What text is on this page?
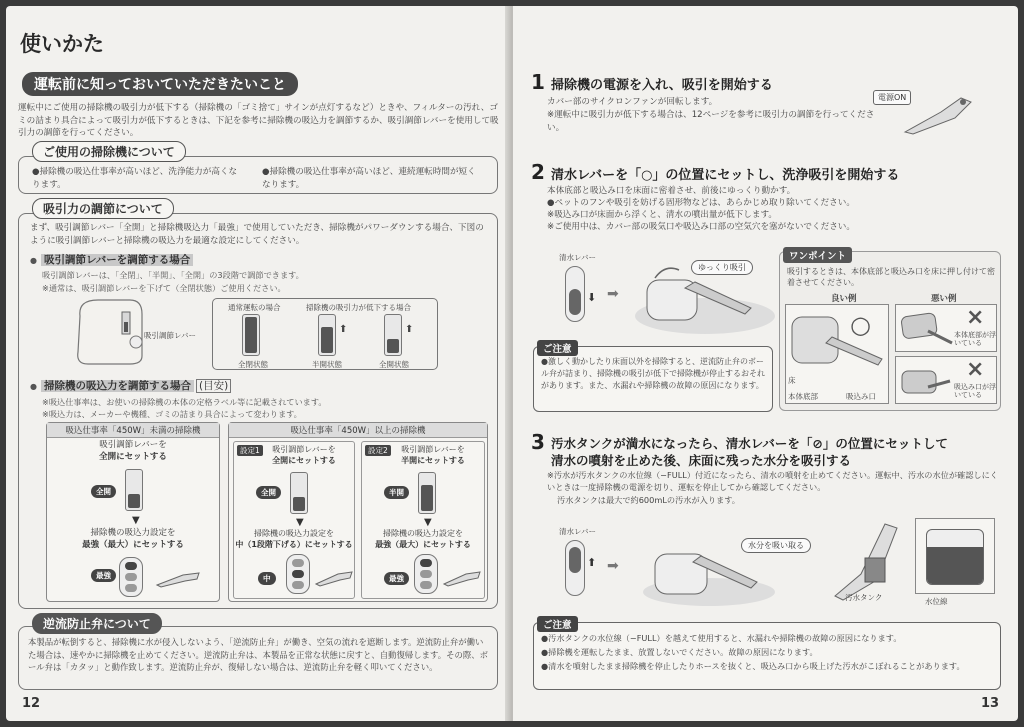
使いかた
運転前に知っておいていただきたいこと
運転中にご使用の掃除機の吸引力が低下する（掃除機の「ゴミ捨て」サインが点灯するなど）ときや、フィルターの汚れ、ゴミの詰まり具合によって吸引力が低下するときは、下記を参考に掃除機の吸込力を調節するか、吸引調節レバーを使用して吸引力の調節を行ってください。
ご使用の掃除機について
●掃除機の吸込仕事率が高いほど、洗浄能力が高くなります。
●掃除機の吸込仕事率が高いほど、連続運転時間が短くなります。
吸引力の調節について
まず、吸引調節レバー「全開」と掃除機吸込力「最強」で使用していただき、掃除機がパワーダウンする場合、下図のように吸引調節レバーと掃除機の吸込力を最適な設定にしてください。
● 吸引調節レバーを調節する場合
吸引調節レバーは、「全閉」、「半開」、「全開」の3段階で調節できます。
※通常は、吸引調節レバーを下げて（全閉状態）ご使用ください。
吸引調節レバー
通常運転の場合	掃除機の吸引力が低下する場合
⬆	⬆
全閉状態	半開状態	全開状態
● 掃除機の吸込力を調節する場合 (目安)
※吸込仕事率は、お使いの掃除機の本体の定格ラベル等に記載されています。
※吸込力は、メーカーや機種、ゴミの詰まり具合によって変わります。
吸込仕事率「450W」未満の掃除機
吸引調節レバーを
全開にセットする
全開
▼
掃除機の吸込力設定を
最強（最大）にセットする
最強
吸込仕事率「450W」以上の掃除機
設定1	吸引調節レバーを
全開にセットする
全開
▼
掃除機の吸込力設定を
中（1段階下げる）にセットする
中
設定2	吸引調節レバーを
半開にセットする
半開
▼
掃除機の吸込力設定を
最強（最大）にセットする
最強
逆流防止弁について
本製品が転倒すると、掃除機に水が侵入しないよう、「逆流防止弁」が働き、空気の流れを遮断します。逆流防止弁が働いた場合は、速やかに掃除機を止めてください。逆流防止弁は、本製品を正常な状態に戻すと、自動復帰します。その際、ボール弁は「カタッ」と動作致します。逆流防止弁が、復帰しない場合は、逆流防止弁を軽く叩いてください。
12
1 掃除機の電源を入れ、吸引を開始する
カバー部のサイクロンファンが回転します。
※運転中に吸引力が低下する場合は、12ページを参考に吸引力の調節を行ってください。
電源ON
2 清水レバーを「○」の位置にセットし、洗浄吸引を開始する
本体底部と吸込み口を床面に密着させ、前後にゆっくり動かす。
●ペットのフンや吸引を妨げる固形物などは、あらかじめ取り除いてください。
※吸込み口が床面から浮くと、清水の噴出量が低下します。
※ご使用中は、カバー部の吸気口や吸込み口部の空気穴を塞がないでください。
清水レバー
⬇ ➡
ゆっくり吸引
ワンポイント
吸引するときは、本体底部と吸込み口を床に押し付けて密着させてください。
良い例	悪い例
○
床
本体底部	吸込み口
×
本体底部が浮いている
×
吸込み口が浮いている
ご注意
●激しく動かしたり床面以外を掃除すると、逆流防止弁のボール弁が詰まり、掃除機の吸引が低下で掃除機が停止するおそれがあります。また、水漏れや掃除機の故障の原因になります。
3 汚水タンクが満水になったら、清水レバーを「⊘」の位置にセットして
清水の噴射を止めた後、床面に残った水分を吸引する
※汚水が汚水タンクの水位線（−FULL）付近になったら、清水の噴射を止めてください。運転中、汚水の水位が確認しにくいときは一度掃除機の電源を切り、運転を停止してから確認してください。
汚水タンクは最大で約600mLの汚水が入ります。
清水レバー
⬆ ➡
水分を吸い取る
汚水タンク	水位線
ご注意
●汚水タンクの水位線（−FULL）を越えて使用すると、水漏れや掃除機の故障の原因になります。
●掃除機を運転したまま、放置しないでください。故障の原因になります。
●清水を噴射したまま掃除機を停止したりホースを抜くと、吸込み口から吸上げた汚水がこぼれることがあります。
13
